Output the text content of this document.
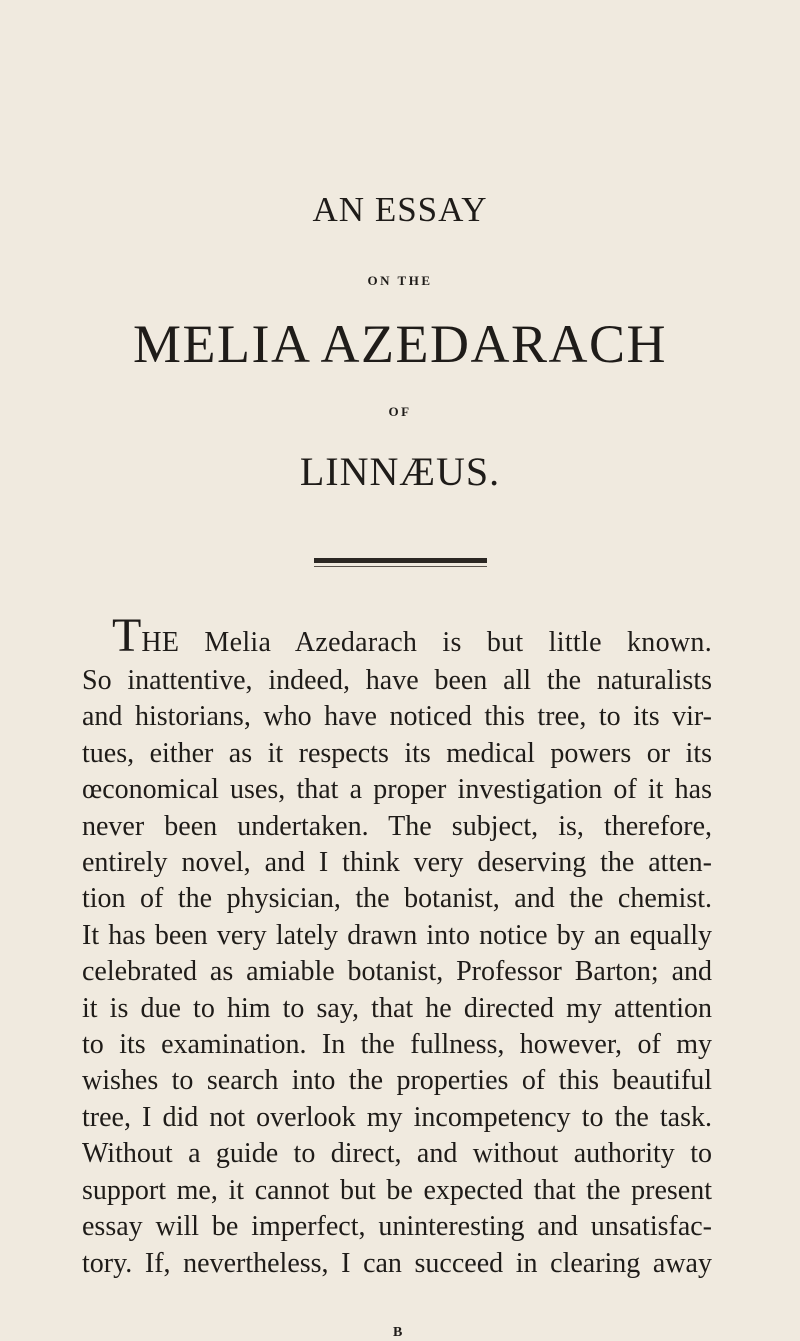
AN ESSAY
ON THE
MELIA AZEDARACH
OF
LINNÆUS.
THE Melia Azedarach is but little known.
So inattentive, indeed, have been all the naturalists
and historians, who have noticed this tree, to its vir-
tues, either as it respects its medical powers or its
œconomical uses, that a proper investigation of it has
never been undertaken. The subject, is, therefore,
entirely novel, and I think very deserving the atten-
tion of the physician, the botanist, and the chemist.
It has been very lately drawn into notice by an equally
celebrated as amiable botanist, Professor Barton; and
it is due to him to say, that he directed my attention
to its examination. In the fullness, however, of my
wishes to search into the properties of this beautiful
tree, I did not overlook my incompetency to the task.
Without a guide to direct, and without authority to
support me, it cannot but be expected that the present
essay will be imperfect, uninteresting and unsatisfac-
tory. If, nevertheless, I can succeed in clearing away
B
